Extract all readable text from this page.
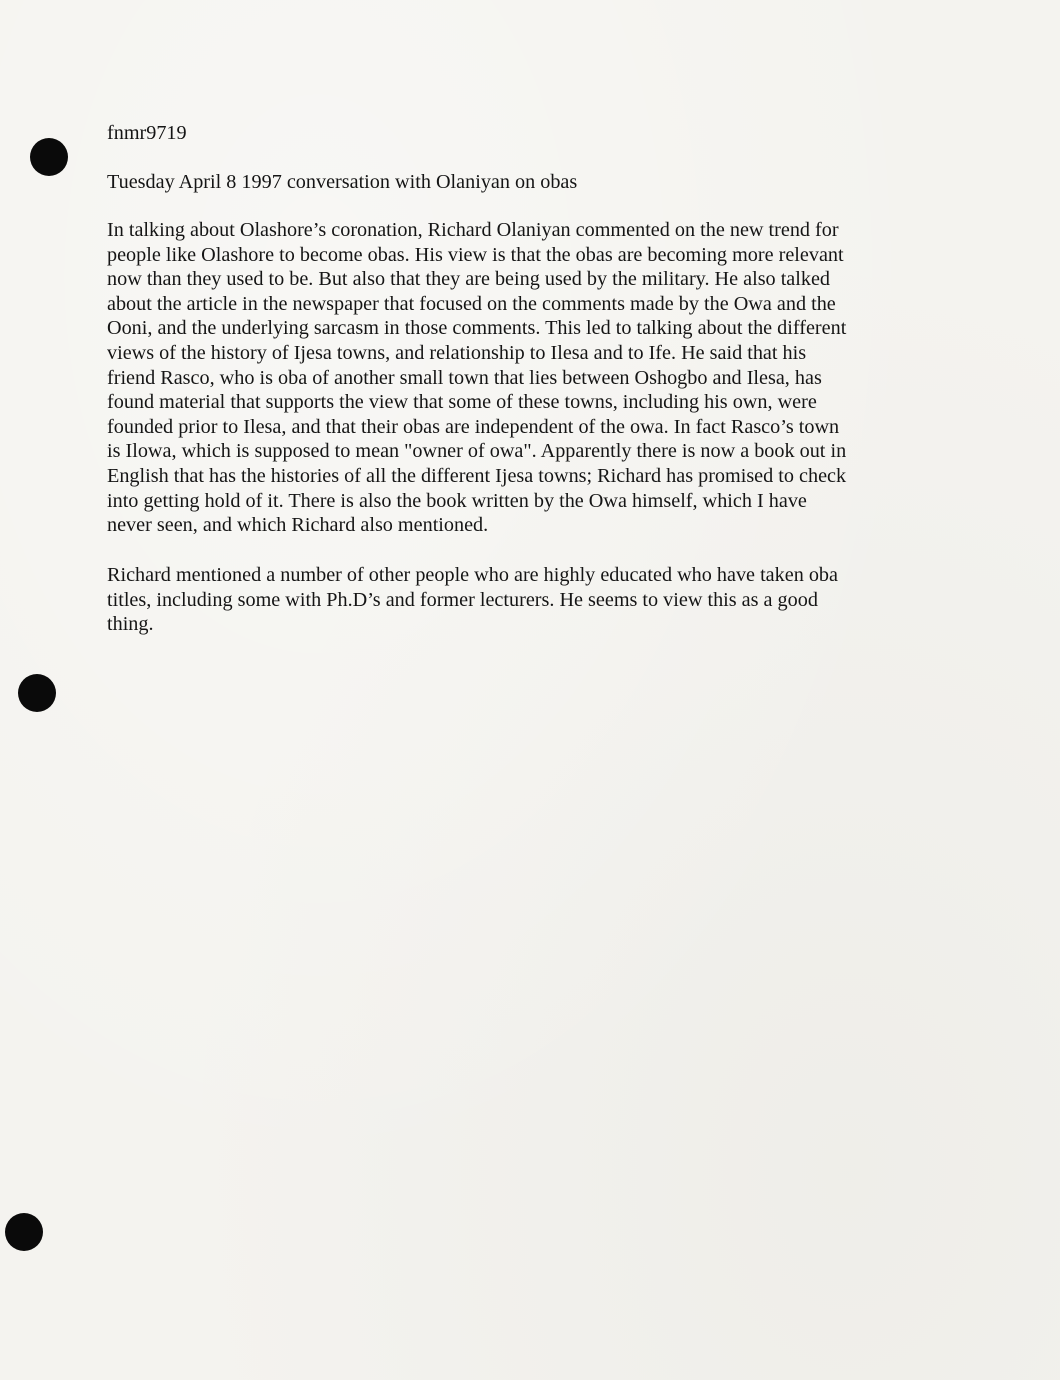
fnmr9719

Tuesday April 8 1997 conversation with Olaniyan on obas

In talking about Olashore’s coronation, Richard Olaniyan commented on the new trend for
people like Olashore to become obas. His view is that the obas are becoming more relevant
now than they used to be. But also that they are being used by the military. He also talked
about the article in the newspaper that focused on the comments made by the Owa and the
Ooni, and the underlying sarcasm in those comments. This led to talking about the different
views of the history of Ijesa towns, and relationship to Ilesa and to Ife. He said that his
friend Rasco, who is oba of another small town that lies between Oshogbo and Ilesa, has
found material that supports the view that some of these towns, including his own, were
founded prior to Ilesa, and that their obas are independent of the owa. In fact Rasco’s town
is Ilowa, which is supposed to mean "owner of owa". Apparently there is now a book out in
English that has the histories of all the different Ijesa towns; Richard has promised to check
into getting hold of it. There is also the book written by the Owa himself, which I have
never seen, and which Richard also mentioned.

Richard mentioned a number of other people who are highly educated who have taken oba
titles, including some with Ph.D’s and former lecturers. He seems to view this as a good
thing.
